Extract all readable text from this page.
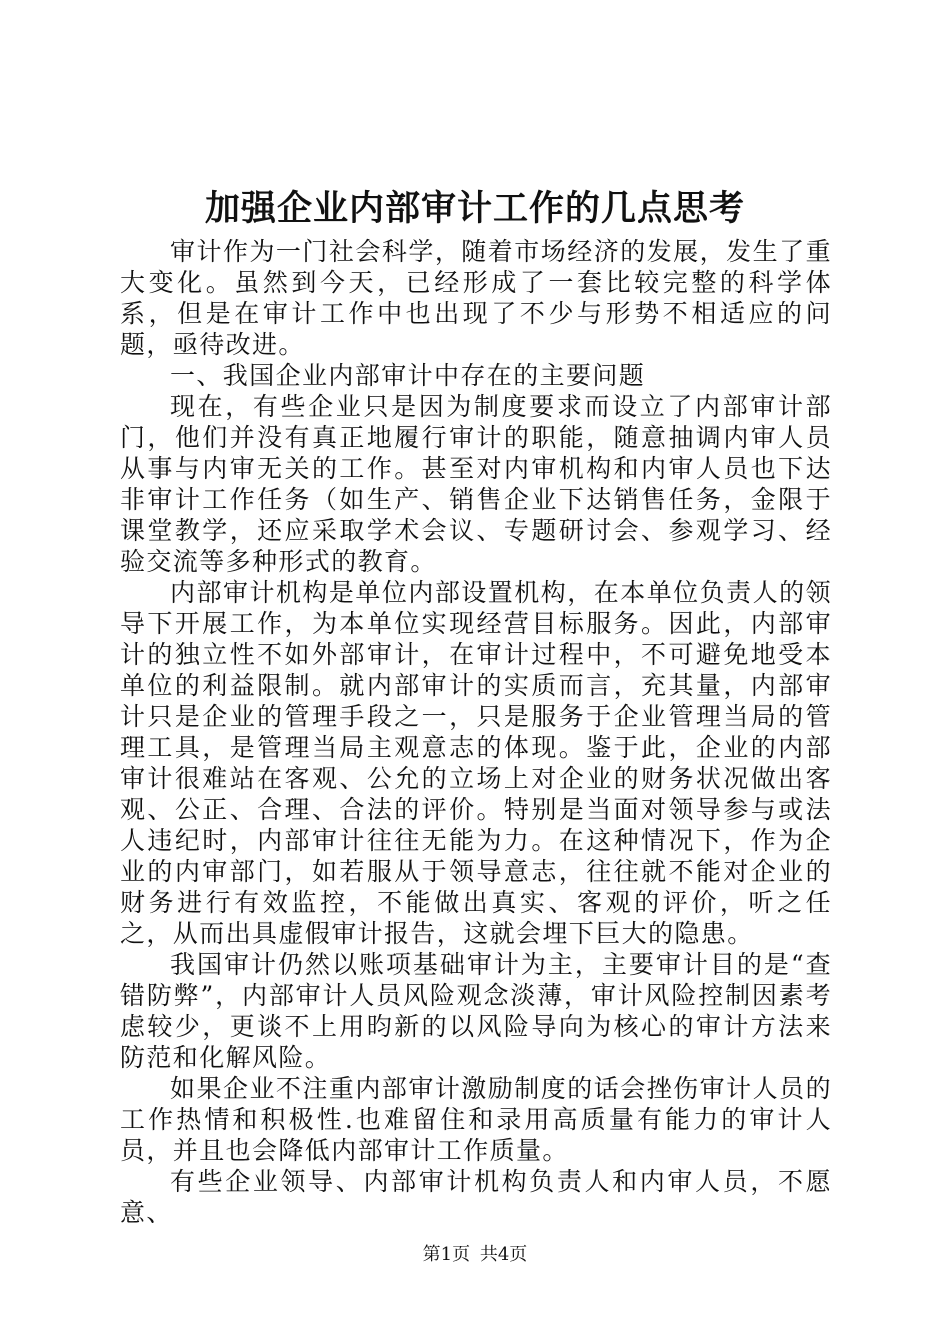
加强企业内部审计工作的几点思考

审计作为一门社会科学，随着市场经济的发展，发生了重大变化。虽然到今天，已经形成了一套比较完整的科学体系，但是在审计工作中也出现了不少与形势不相适应的问题，亟待改进。

一、我国企业内部审计中存在的主要问题

现在，有些企业只是因为制度要求而设立了内部审计部门，他们并没有真正地履行审计的职能，随意抽调内审人员从事与内审无关的工作。甚至对内审机构和内审人员也下达非审计工作任务（如生产、销售企业下达销售任务，金限于课堂教学，还应采取学术会议、专题研讨会、参观学习、经验交流等多种形式的教育。

内部审计机构是单位内部设置机构，在本单位负责人的领导下开展工作，为本单位实现经营目标服务。因此，内部审计的独立性不如外部审计，在审计过程中，不可避免地受本单位的利益限制。就内部审计的实质而言，充其量，内部审计只是企业的管理手段之一，只是服务于企业管理当局的管理工具，是管理当局主观意志的体现。鉴于此，企业的内部审计很难站在客观、公允的立场上对企业的财务状况做出客观、公正、合理、合法的评价。特别是当面对领导参与或法人违纪时，内部审计往往无能为力。在这种情况下，作为企业的内审部门，如若服从于领导意志，往往就不能对企业的财务进行有效监控，不能做出真实、客观的评价，听之任之，从而出具虚假审计报告，这就会埋下巨大的隐患。

我国审计仍然以账项基础审计为主，主要审计目的是“查错防弊”，内部审计人员风险观念淡薄，审计风险控制因素考虑较少，更谈不上用昀新的以风险导向为核心的审计方法来防范和化解风险。

如果企业不注重内部审计激励制度的话会挫伤审计人员的工作热情和积极性.也难留住和录用高质量有能力的审计人员，并且也会降低内部审计工作质量。

有些企业领导、内部审计机构负责人和内审人员，不愿意、

第1页 共4页
